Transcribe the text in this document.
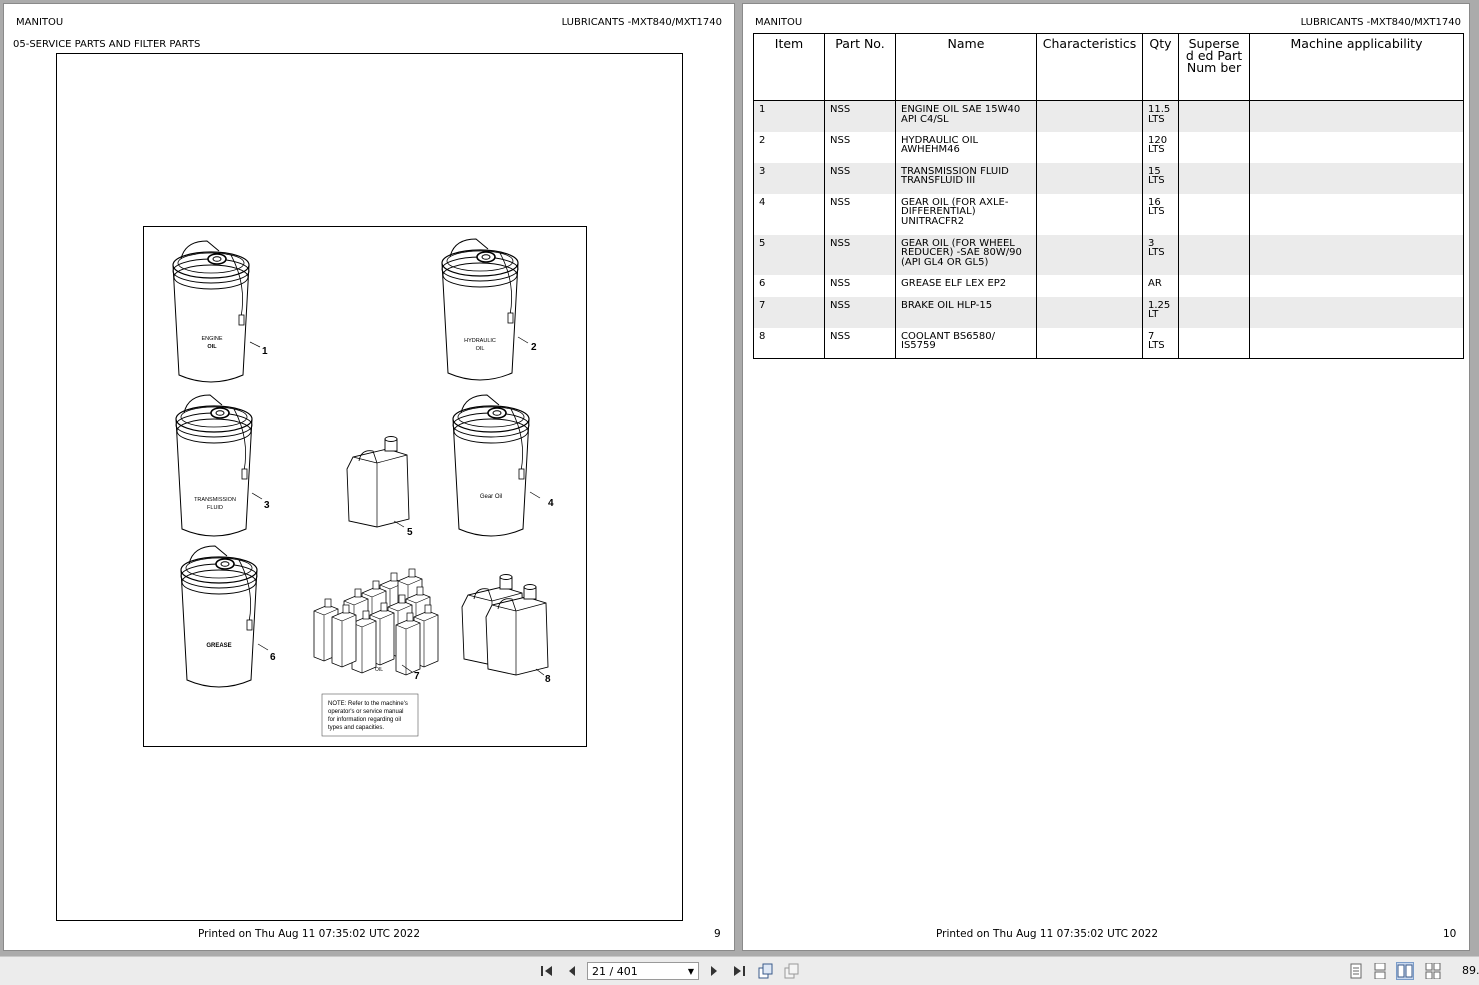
MANITOU	LUBRICANTS -MXT840/MXT1740
05-SERVICE PARTS AND FILTER PARTS
ENGINE
OIL	1
HYDRAULIC
OIL	2
TRANSMISSION
FLUID	3
5
Gear Oil
4
GREASE
6
OIL
7	8
NOTE: Refer to the machine's
operator's or service manual
for information regarding oil
types and capacities.
Printed on Thu Aug 11 07:35:02 UTC 2022	9
MANITOU	LUBRICANTS -MXT840/MXT1740
Item	Part No.	Name	Characteristics	Qty	Supersed ed PartNum ber	Machine applicability
1	NSS	ENGINE OIL SAE 15W40 API C4/SL		11.5 LTS		
2	NSS	HYDRAULIC OIL AWHEHM46		120 LTS		
3	NSS	TRANSMISSION FLUID TRANSFLUID III		15 LTS		
4	NSS	GEAR OIL (FOR AXLE- DIFFERENTIAL) UNITRACFR2		16 LTS		
5	NSS	GEAR OIL (FOR WHEEL REDUCER) -SAE 80W/90 (API GL4 OR GL5)		3 LTS		
6	NSS	GREASE ELF LEX EP2		AR		
7	NSS	BRAKE OIL HLP-15		1.25 LT		
8	NSS	COOLANT BS6580/ IS5759		7 LTS		
Printed on Thu Aug 11 07:35:02 UTC 2022	10
21 / 401	▼	89.
